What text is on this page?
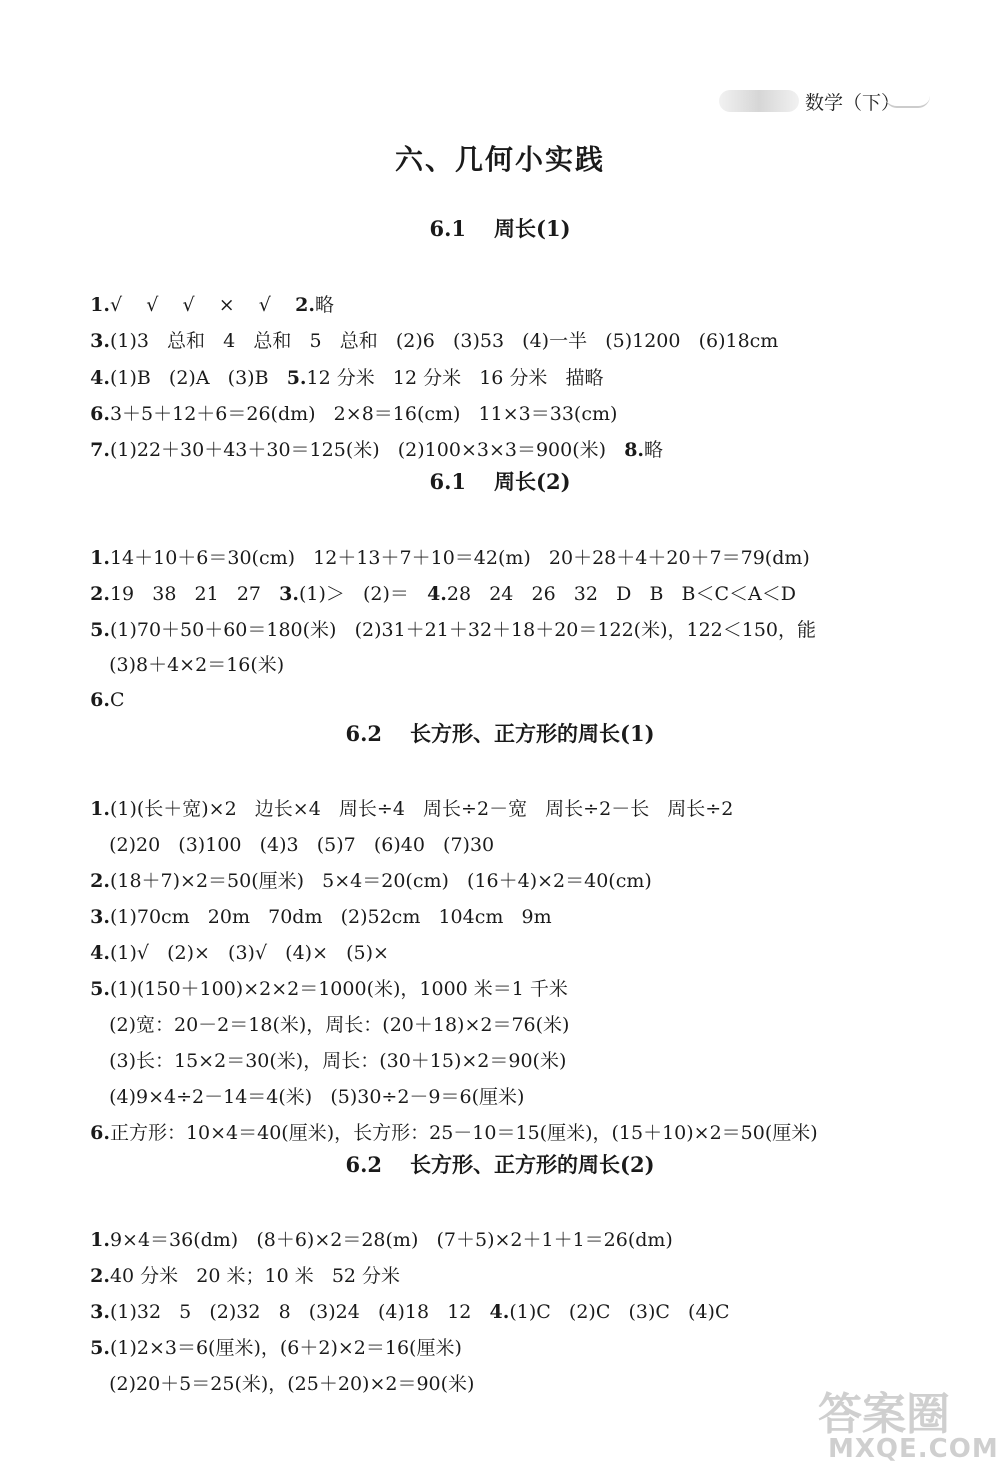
数学（下）
六、几何小实践
6.1 周长(1)

1.√    √    √    ×    √ 2.略

3.(1)3   总和   4   总和   5   总和   (2)6   (3)53   (4)一半   (5)1200   (6)18cm

4.(1)B   (2)A   (3)B 5.12 分米   12 分米   16 分米   描略

6.3＋5＋12＋6＝26(dm)   2×8＝16(cm)   11×3＝33(cm)

7.(1)22＋30＋43＋30＝125(米)   (2)100×3×3＝900(米) 8.略

6.1 周长(2)

1.14＋10＋6＝30(cm)   12＋13＋7＋10＝42(m)   20＋28＋4＋20＋7＝79(dm)

2.19   38   21   27 3.(1)＞   (2)＝ 4.28   24   26   32   D   B   B＜C＜A＜D

5.(1)70＋50＋60＝180(米)   (2)31＋21＋32＋18＋20＝122(米)，122＜150，能

(3)8＋4×2＝16(米)

6.C

6.2 长方形、正方形的周长(1)

1.(1)(长＋宽)×2   边长×4   周长÷4   周长÷2－宽   周长÷2－长   周长÷2

(2)20   (3)100   (4)3   (5)7   (6)40   (7)30

2.(18＋7)×2＝50(厘米)   5×4＝20(cm)   (16＋4)×2＝40(cm)

3.(1)70cm   20m   70dm   (2)52cm   104cm   9m

4.(1)√   (2)×   (3)√   (4)×   (5)×

5.(1)(150＋100)×2×2＝1000(米)，1000 米＝1 千米

(2)宽：20－2＝18(米)，周长：(20＋18)×2＝76(米)

(3)长：15×2＝30(米)，周长：(30＋15)×2＝90(米)

(4)9×4÷2－14＝4(米)   (5)30÷2－9＝6(厘米)

6.正方形：10×4＝40(厘米)，长方形：25－10＝15(厘米)，(15＋10)×2＝50(厘米)

6.2 长方形、正方形的周长(2)

1.9×4＝36(dm)   (8＋6)×2＝28(m)   (7＋5)×2＋1＋1＝26(dm)

2.40 分米   20 米；10 米   52 分米

3.(1)32   5   (2)32   8   (3)24   (4)18   12 4.(1)C   (2)C   (3)C   (4)C

5.(1)2×3＝6(厘米)，(6＋2)×2＝16(厘米)

(2)20＋5＝25(米)，(25＋20)×2＝90(米)

答案圈
MXQE.COM
